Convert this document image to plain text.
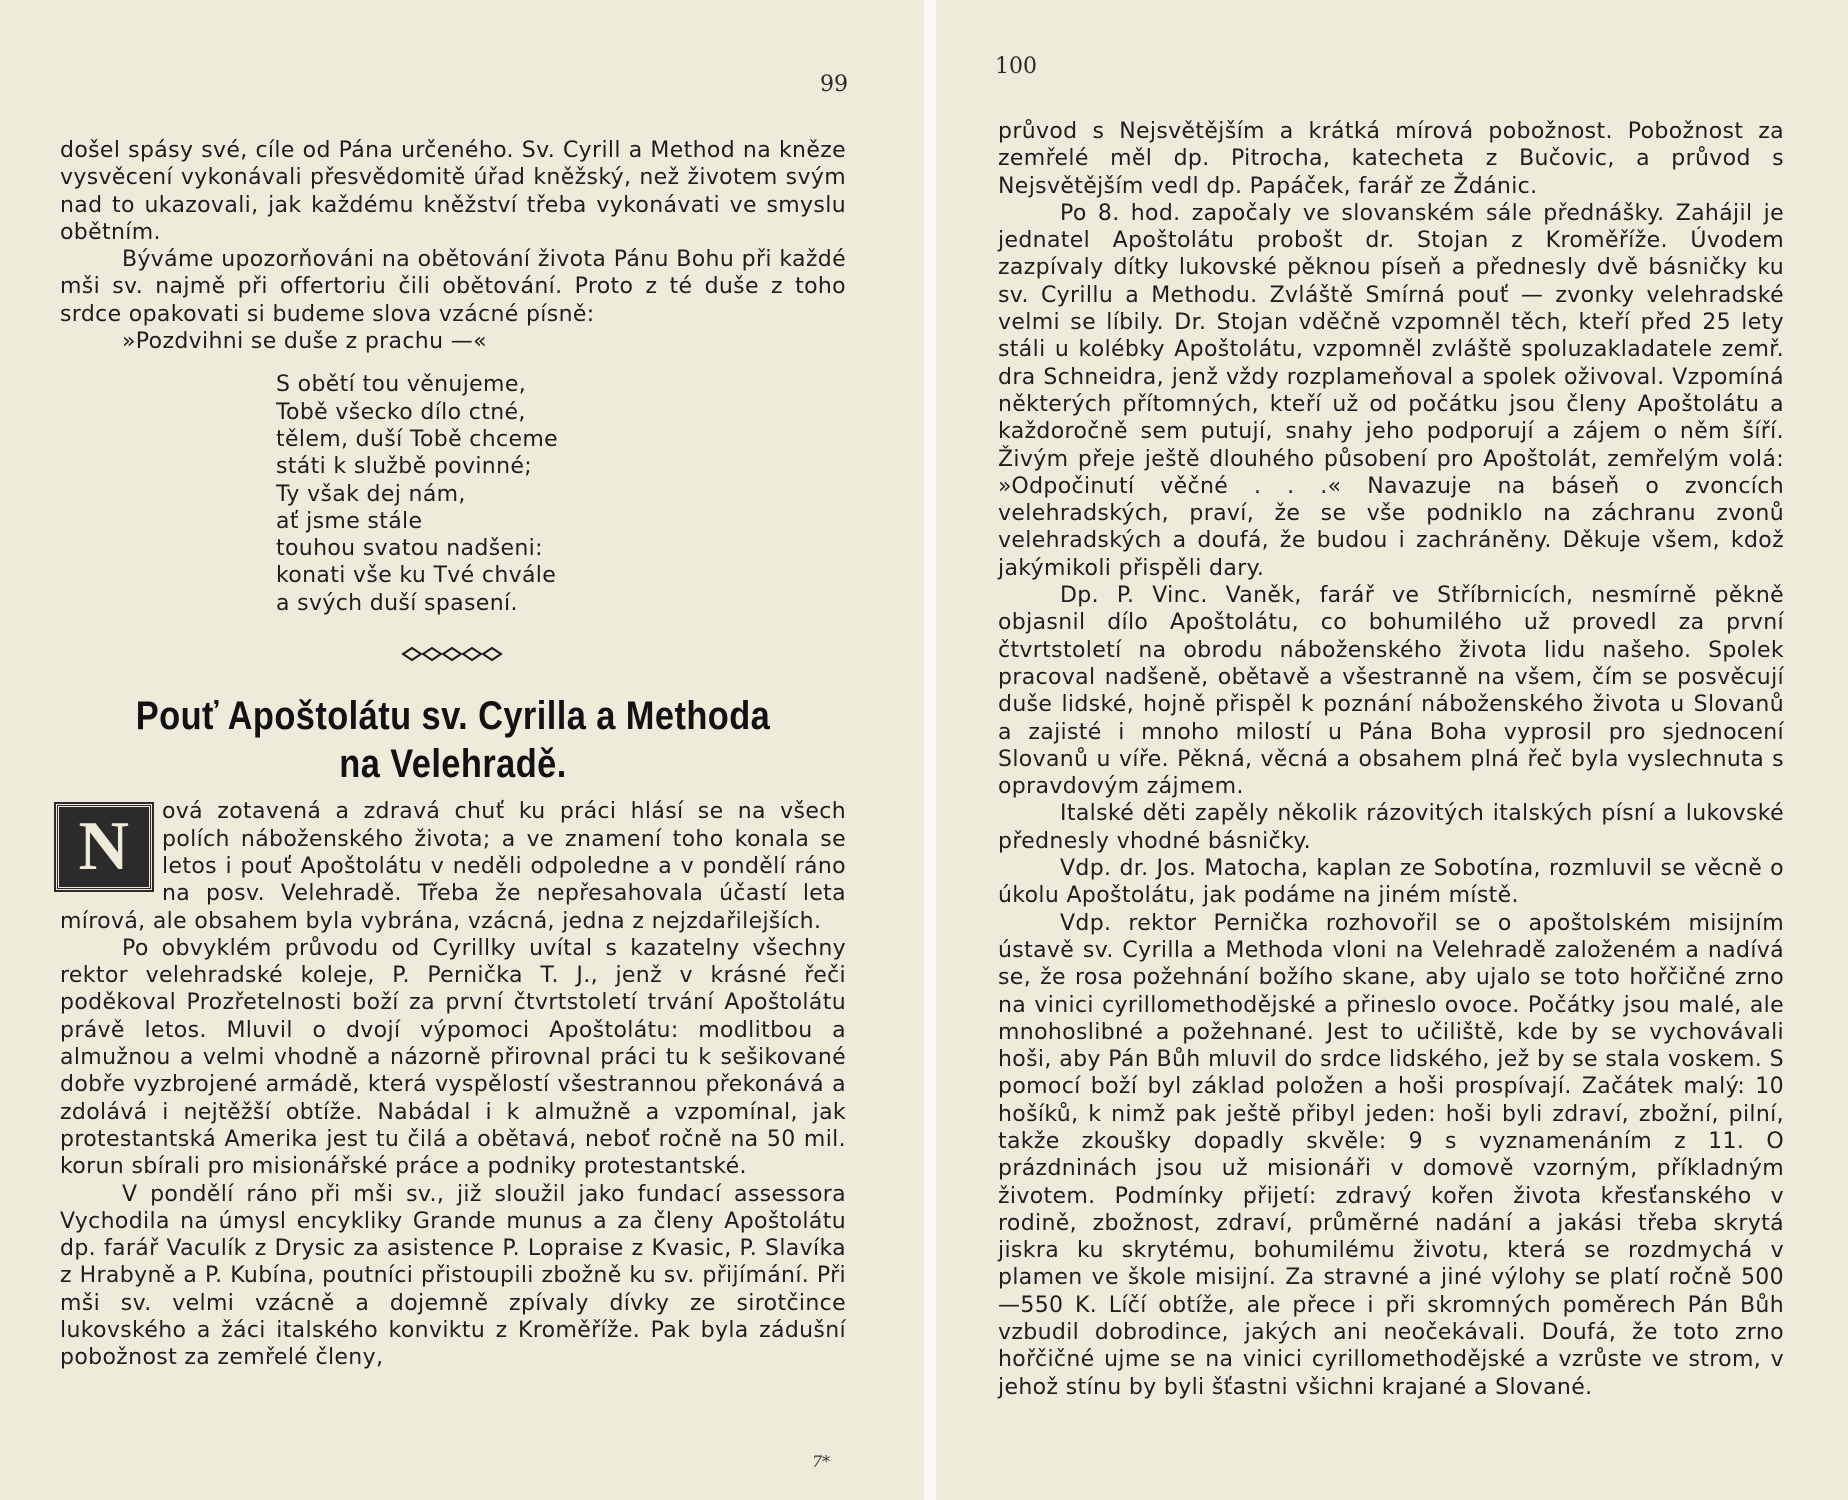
99

došel spásy své, cíle od Pána určeného. Sv. Cyrill a Method na kněze vysvěcení vykonávali přesvědomitě úřad kněžský, než životem svým nad to ukazovali, jak každému kněžství třeba vykonávati ve smyslu obětním.

Býváme upozorňováni na obětování života Pánu Bohu při každé mši sv. najmě při offertoriu čili obětování. Proto z té duše z toho srdce opakovati si budeme slova vzácné písně:

»Pozdvihni se duše z prachu —«

S obětí tou věnujeme,
Tobě všecko dílo ctné,
tělem, duší Tobě chceme
státi k službě povinné;
Ty však dej nám,
ať jsme stále
touhou svatou nadšeni:
konati vše ku Tvé chvále
a svých duší spasení.
Pouť Apoštolátu sv. Cyrilla a Methoda
na Velehradě.

N	ová zotavená a zdravá chuť ku práci hlásí se na všech polích náboženského života; a ve znamení toho konala se letos i pouť Apoštolátu v neděli odpoledne a v pondělí ráno na posv. Velehradě. Třeba že nepřesahovala účastí leta mírová, ale obsahem byla vybrána, vzácná, jedna z nejzdařilejších.

Po obvyklém průvodu od Cyrillky uvítal s kazatelny všechny rektor velehradské koleje, P. Pernička T. J., jenž v krásné řeči poděkoval Prozřetelnosti boží za první čtvrtstoletí trvání Apoštolátu právě letos. Mluvil o dvojí výpomoci Apoštolátu: modlitbou a almužnou a velmi vhodně a názorně přirovnal práci tu k sešikované dobře vyzbrojené armádě, která vyspělostí všestrannou překonává a zdolává i nejtěžší obtíže. Nabádal i k almužně a vzpomínal, jak protestantská Amerika jest tu čilá a obětavá, neboť ročně na 50 mil. korun sbírali pro misionářské práce a podniky protestantské.

V pondělí ráno při mši sv., již sloužil jako fundací assessora Vychodila na úmysl encykliky Grande munus a za členy Apoštolátu dp. farář Vaculík z Drysic za asistence P. Lopraise z Kvasic, P. Slavíka z Hrabyně a P. Kubína, poutníci přistoupili zbožně ku sv. přijímání. Při mši sv. velmi vzácně a dojemně zpívaly dívky ze sirotčince lukovského a žáci italského konviktu z Kroměříže. Pak byla zádušní pobožnost za zemřelé členy,

7*
100

průvod s Nejsvětějším a krátká mírová pobožnost. Pobožnost za zemřelé měl dp. Pitrocha, katecheta z Bučovic, a průvod s Nejsvětějším vedl dp. Papáček, farář ze Ždánic.

Po 8. hod. započaly ve slovanském sále přednášky. Zahájil je jednatel Apoštolátu probošt dr. Stojan z Kroměříže. Úvodem zazpívaly dítky lukovské pěknou píseň a přednesly dvě básničky ku sv. Cyrillu a Methodu. Zvláště Smírná pouť — zvonky velehradské velmi se líbily. Dr. Stojan vděčně vzpomněl těch, kteří před 25 lety stáli u kolébky Apoštolátu, vzpomněl zvláště spoluzakladatele zemř. dra Schneidra, jenž vždy rozplameňoval a spolek oživoval. Vzpomíná některých přítomných, kteří už od počátku jsou členy Apoštolátu a každoročně sem putují, snahy jeho podporují a zájem o něm šíří. Živým přeje ještě dlouhého působení pro Apoštolát, zemřelým volá: »Odpočinutí věčné . . .« Navazuje na báseň o zvoncích velehradských, praví, že se vše podniklo na záchranu zvonů velehradských a doufá, že budou i zachráněny. Děkuje všem, kdož jakýmikoli přispěli dary.

Dp. P. Vinc. Vaněk, farář ve Stříbrnicích, nesmírně pěkně objasnil dílo Apoštolátu, co bohumilého už provedl za první čtvrtstoletí na obrodu náboženského života lidu našeho. Spolek pracoval nadšeně, obětavě a všestranně na všem, čím se posvěcují duše lidské, hojně přispěl k poznání náboženského života u Slovanů a zajisté i mnoho milostí u Pána Boha vyprosil pro sjednocení Slovanů u víře. Pěkná, věcná a obsahem plná řeč byla vyslechnuta s opravdovým zájmem.

Italské děti zapěly několik rázovitých italských písní a lukovské přednesly vhodné básničky.

Vdp. dr. Jos. Matocha, kaplan ze Sobotína, rozmluvil se věcně o úkolu Apoštolátu, jak podáme na jiném místě.

Vdp. rektor Pernička rozhovořil se o apoštolském misijním ústavě sv. Cyrilla a Methoda vloni na Velehradě založeném a nadívá se, že rosa požehnání božího skane, aby ujalo se toto hořčičné zrno na vinici cyrillomethodějské a přineslo ovoce. Počátky jsou malé, ale mnohoslibné a požehnané. Jest to učiliště, kde by se vychovávali hoši, aby Pán Bůh mluvil do srdce lidského, jež by se stala voskem. S pomocí boží byl základ položen a hoši prospívají. Začátek malý: 10 hošíků, k nimž pak ještě přibyl jeden: hoši byli zdraví, zbožní, pilní, takže zkoušky dopadly skvěle: 9 s vyznamenáním z 11. O prázdninách jsou už misionáři v domově vzorným, příkladným životem. Podmínky přijetí: zdravý kořen života křesťanského v rodině, zbožnost, zdraví, průměrné nadání a jakási třeba skrytá jiskra ku skrytému, bohumilému životu, která se rozdmychá v plamen ve škole misijní. Za stravné a jiné výlohy se platí ročně 500—550 K. Líčí obtíže, ale přece i při skromných poměrech Pán Bůh vzbudil dobrodince, jakých ani neočekávali. Doufá, že toto zrno hořčičné ujme se na vinici cyrillomethodějské a vzrůste ve strom, v jehož stínu by byli šťastni všichni krajané a Slované.
